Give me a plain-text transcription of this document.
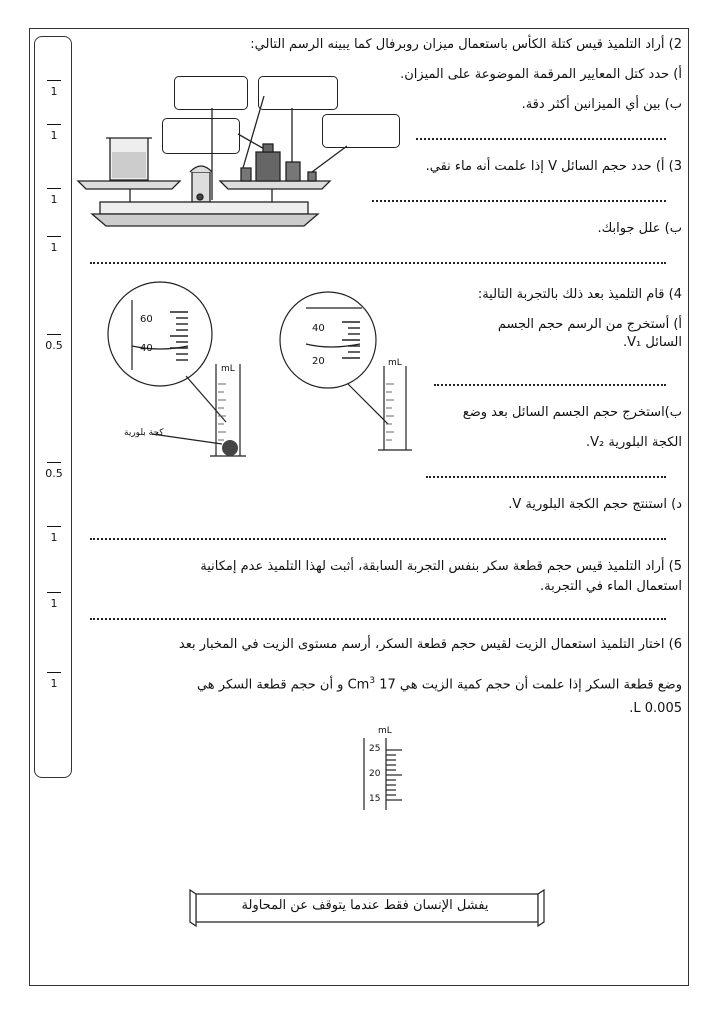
1
1
1
1
0.5
0.5
1
1
1
2) أراد التلميذ قيس كتلة الكأس باستعمال ميزان روبرفال كما يبينه الرسم التالي:
أ) حدد كتل المعايير المرقمة الموضوعة على الميزان.
ب) بين أي الميزانين أكثر دقة.
3) أ) حدد حجم السائل V إذا علمت أنه ماء نقي.
ب) علل جوابك.
4) قام التلميذ بعد ذلك بالتجربة التالية:
أ) أستخرج من الرسم حجم الجسم
السائل V₁.
ب)استخرج حجم الجسم السائل بعد وضع
الكجة البلورية V₂.
د) استنتج حجم الكجة البلورية V.
60
40
mL
كجة بلورية
40
20	mL
5) أراد التلميذ قيس حجم قطعة سكر بنفس التجربة السابقة، أثبت لهذا التلميذ عدم إمكانية
استعمال الماء في التجربة.
6) اختار التلميذ استعمال الزيت لقيس حجم قطعة السكر، أرسم مستوى الزيت في المخبار بعد
وضع قطعة السكر إذا علمت أن حجم كمية الزيت هي 17 Cm$^3$ و أن حجم قطعة السكر هي
0.005 L.
mL
25
20
15
يفشل الإنسان فقط عندما يتوقف عن المحاولة
